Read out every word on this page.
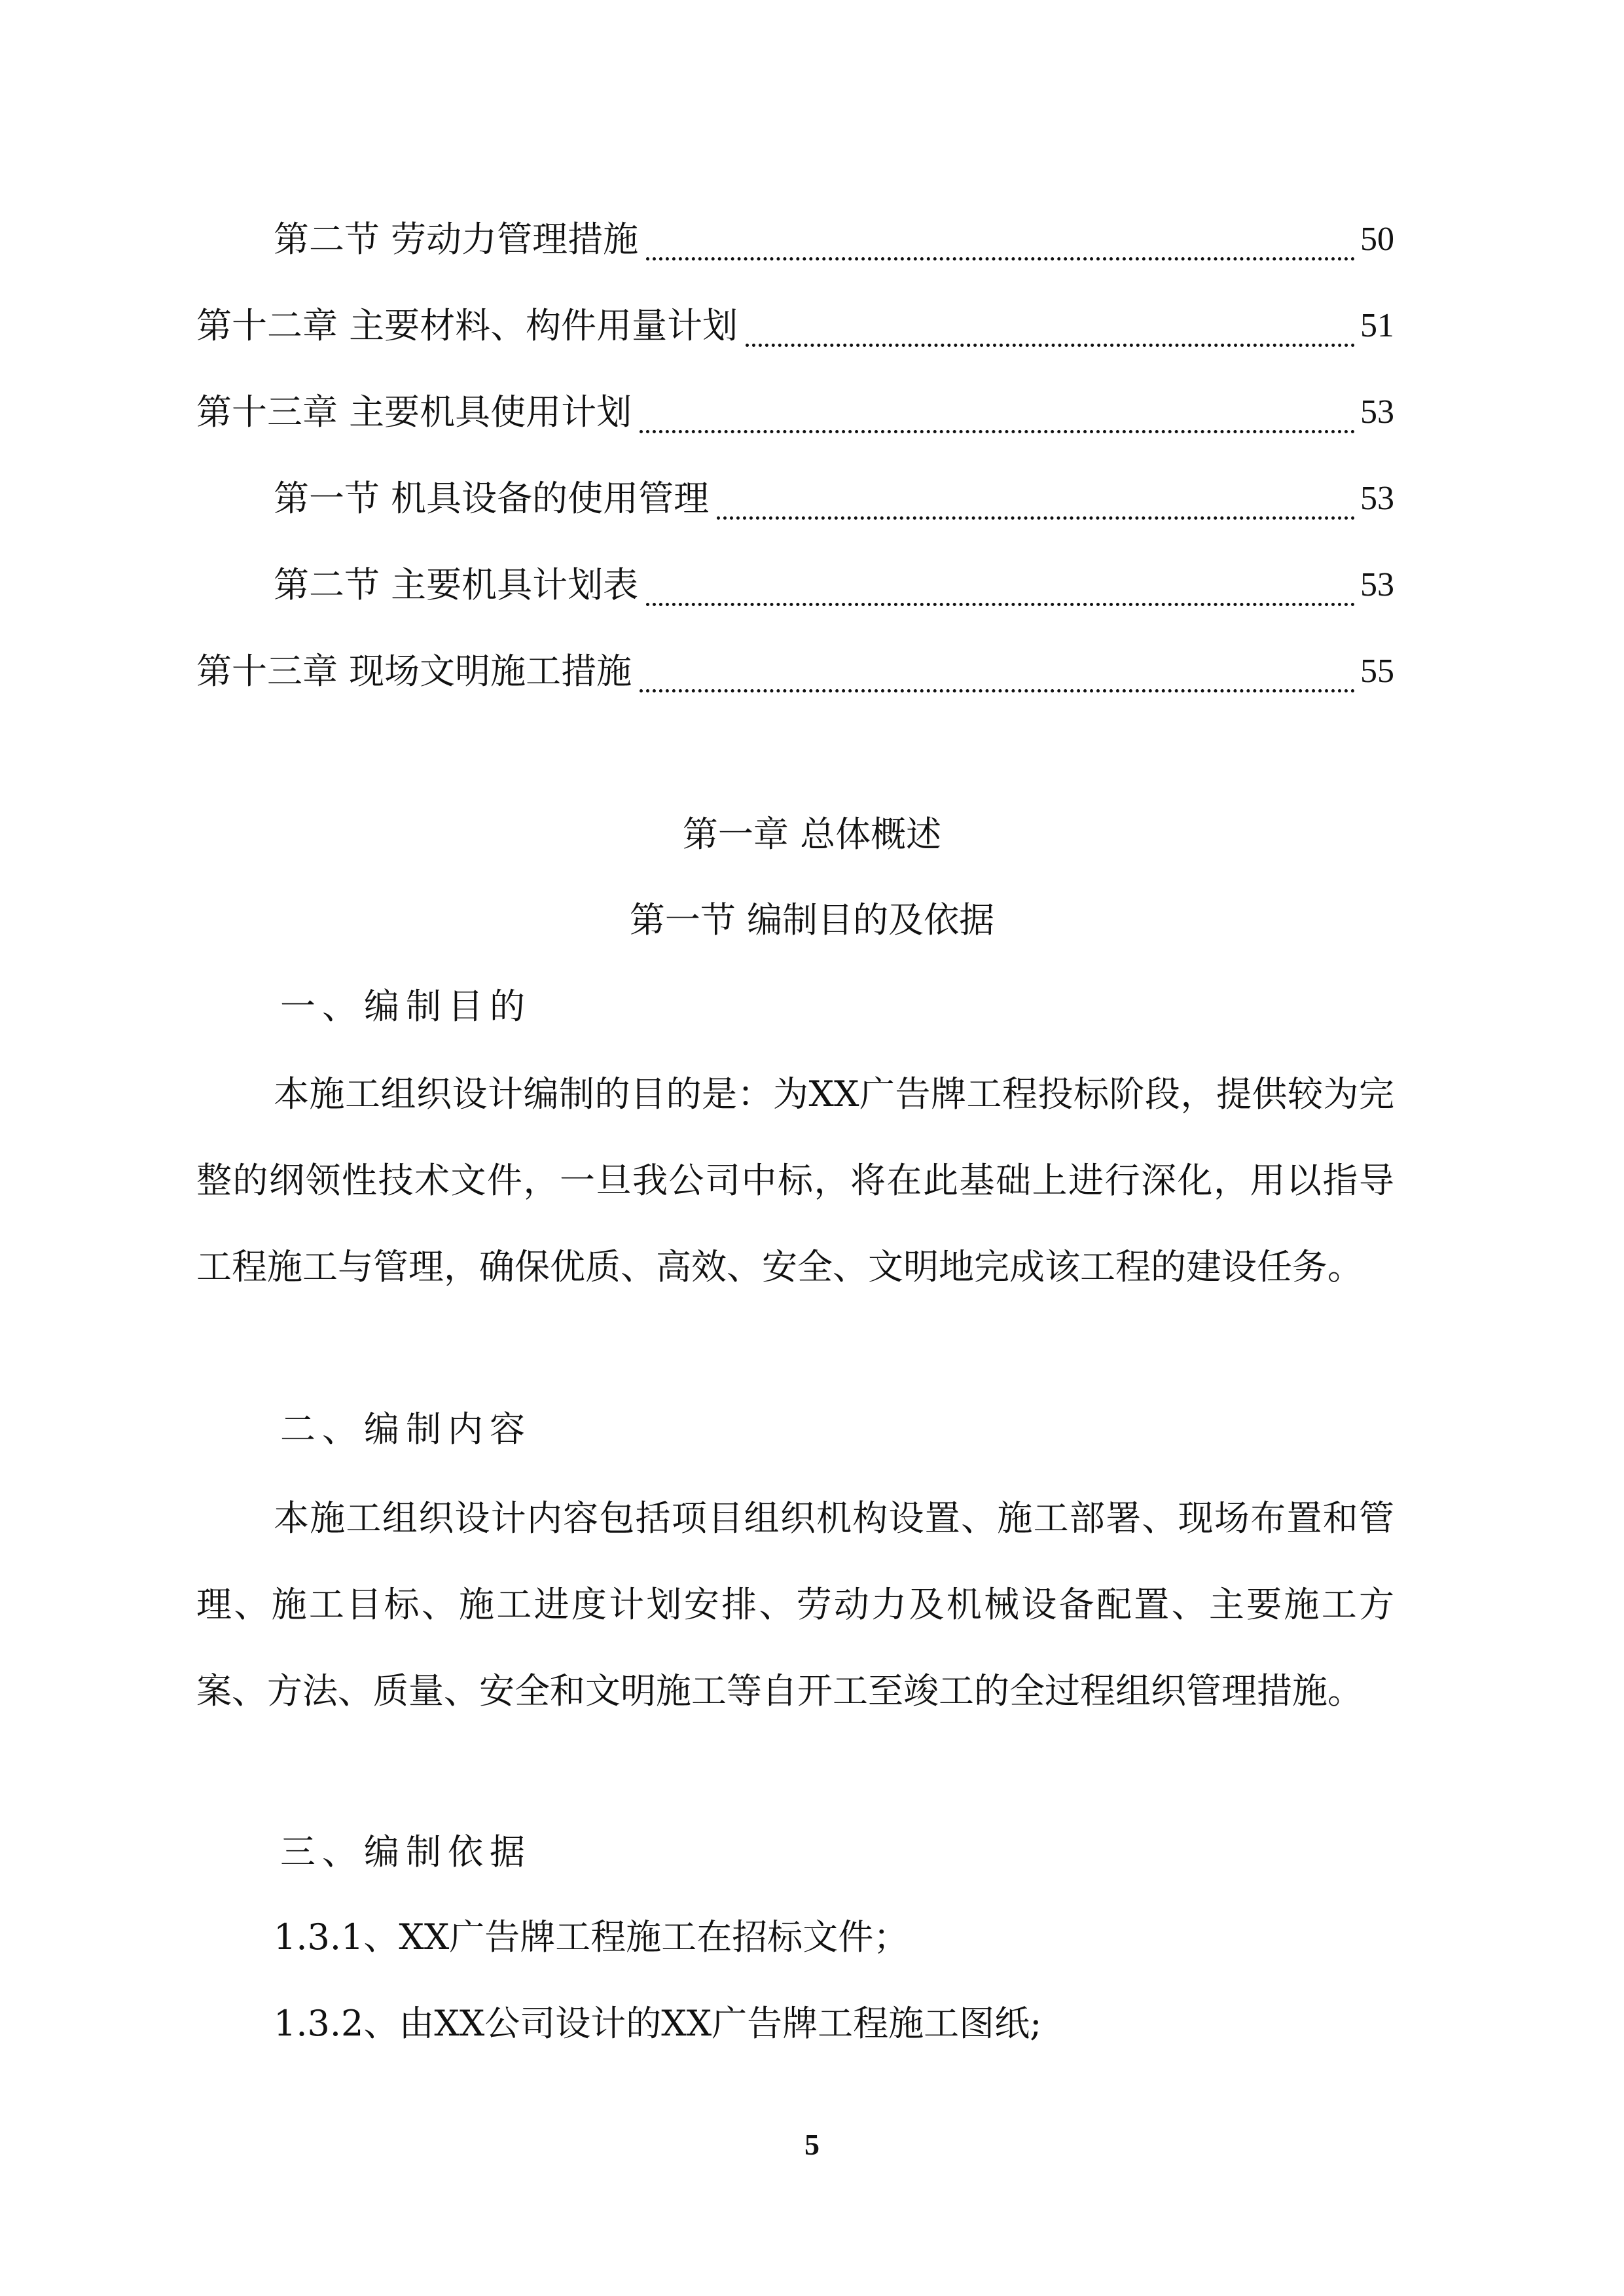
第二节 劳动力管理措施	50
第十二章 主要材料、构件用量计划	51
第十三章 主要机具使用计划	53
第一节 机具设备的使用管理	53
第二节 主要机具计划表	53
第十三章 现场文明施工措施	55
第一章 总体概述
第一节 编制目的及依据
一、编制目的
本施工组织设计编制的目的是：为XX广告牌工程投标阶段，提供较为完整的纲领性技术文件，一旦我公司中标，将在此基础上进行深化，用以指导工程施工与管理，确保优质、高效、安全、文明地完成该工程的建设任务。
二、编制内容
本施工组织设计内容包括项目组织机构设置、施工部署、现场布置和管理、施工目标、施工进度计划安排、劳动力及机械设备配置、主要施工方案、方法、质量、安全和文明施工等自开工至竣工的全过程组织管理措施。
三、编制依据
1.3.1、XX广告牌工程施工在招标文件；
1.3.2、由XX公司设计的XX广告牌工程施工图纸;
5
